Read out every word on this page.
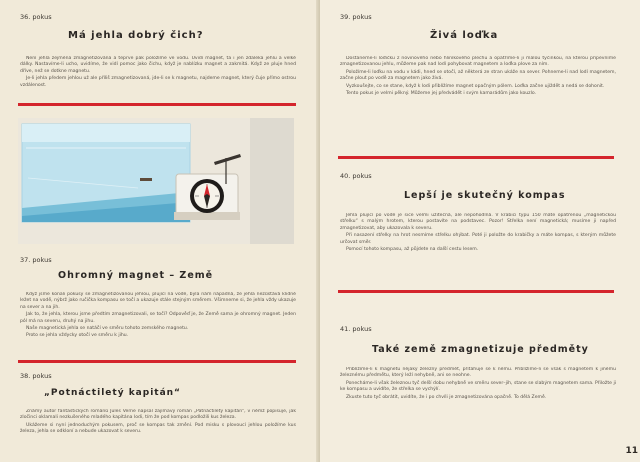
36. pokus
Má jehla dobrý čich?

Není jehla zejména zmagnetizována a teprve pak položíme ve vodu. Uvidí magnet, ta i jen zdaleka jehlu a velké dálky. Nastavíme-li ucho, uvidíme, že vidí pomoc jako čichu, když je nablízku magnet a zakmitá. Když ze pluje hned dříve, než se dotkne magnetu.

Je-li jehla předem jehlou už ale příliš zmagnetizovaná, jde-li se k magnetu, najdeme magnet, který čuje přímo ostrou vzdálenost.

37. pokus
Ohromný magnet – Země

Když jsme konali pokusy se zmagnetizovanou jehlou, plující na vodě, byla nám nápadná, že jehla nezůstává klidně ležet na vodě, nýbrž jako ručička kompasu se točí a ukazuje stále stejným směrem. Všimneme si, že jehla vždy ukazuje na sever a na jih.

Jak to, že jehla, kterou jsme předtím zmagnetizovali, se točí? Odpověď je, že Země sama je ohromný magnet. Jeden pól má na severu, druhý na jihu.

Naše magnetická jehla se natáčí ve směru tohoto zemského magnetu.

Proto se jehla vždycky otočí ve směru k jihu.

38. pokus
„Potnáctiletý kapitán“

Známý autor fantastických románů Jules Verne napsal zajímavý román „Patnáctiletý kapitán“, v němž popisuje, jak zločinci oklamali nezkušeného mladého kapitána lodi, tím že pod kompas podložili kus železa.

Ukážeme si nyní jednoduchým pokusem, proč se kompas tak změní. Pod misku s plovoucí jehlou položíme kus železa, jehla se odkloní a nebude ukazovat k severu.

39. pokus
Živá loďka

Dostaneme-li loďičku z novinového nebo hliníkového plechu a opatříme-li ji malou tyčinkou, na kterou připevníme zmagnetizovanou jehlu, můžeme pak nad lodí pohybovat magnetem a loďka plove za ním.

Položíme-li loďku na vodu v kádi, hned se otočí, až některá ze stran ukáže na sever. Pohneme-li nad lodí magnetem, začne plout po vodě za magnetem jako živá.

Vyzkoušejte, co se stane, když k lodi přiblížíme magnet opačným pólem. Loďka začne ujíždět a nedá se dohonit.

Tento pokus je velmi pěkný. Můžeme jej předvádět i svým kamarádům jako kouzlo.

40. pokus
Lepší je skutečný kompas

Jehla plující po vodě je sice velmi užitečná, ale nepohodlná. V krabici typu 150 máte opatřenou „magnetickou střelku“ s malým hrotem, kterou postavíte na podstavec. Pozor! Střelka není magnetická; musíme ji napřed zmagnetizovat, aby ukazovala k severu.

Při nasazení střelky na hrot nesmíme střelku ohýbat. Poté ji položte do krabičky a máte kompas, s kterým můžete určovat směr.

Pomocí tohoto kompasu, až půjdete na další cestu lesem.

41. pokus
Také země zmagnetizuje předměty

Přiblížíme-li k magnetu nějaký železný předmět, přitahuje se k němu. Přiblížíme-li se však s magnetem k jinému železnému předmětu, který leží nehybně, ani se neohne.

Ponecháme-li však železnou tyč delší dobu nehybně ve směru sever–jih, stane se slabým magnetem sama. Přiložte ji ke kompasu a uvidíte, že střelka se vychýlí.

Zkuste tuto tyč obrátit, uvidíte, že i po chvíli je zmagnetizována opačně. To dělá Země.

11
